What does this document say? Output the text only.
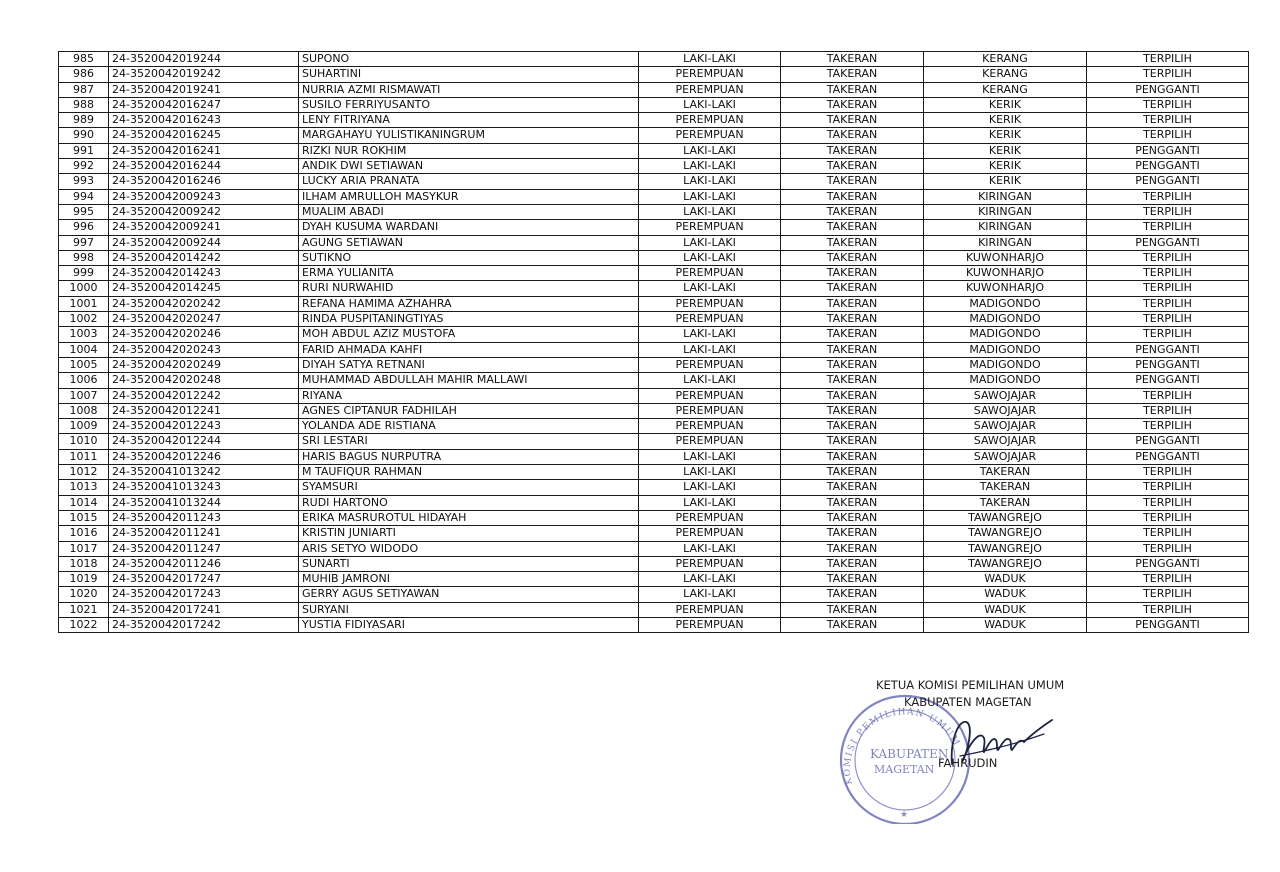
985	24-3520042019244	SUPONO	LAKI-LAKI	TAKERAN	KERANG	TERPILIH
986	24-3520042019242	SUHARTINI	PEREMPUAN	TAKERAN	KERANG	TERPILIH
987	24-3520042019241	NURRIA AZMI RISMAWATI	PEREMPUAN	TAKERAN	KERANG	PENGGANTI
988	24-3520042016247	SUSILO FERRIYUSANTO	LAKI-LAKI	TAKERAN	KERIK	TERPILIH
989	24-3520042016243	LENY FITRIYANA	PEREMPUAN	TAKERAN	KERIK	TERPILIH
990	24-3520042016245	MARGAHAYU YULISTIKANINGRUM	PEREMPUAN	TAKERAN	KERIK	TERPILIH
991	24-3520042016241	RIZKI NUR ROKHIM	LAKI-LAKI	TAKERAN	KERIK	PENGGANTI
992	24-3520042016244	ANDIK DWI SETIAWAN	LAKI-LAKI	TAKERAN	KERIK	PENGGANTI
993	24-3520042016246	LUCKY ARIA PRANATA	LAKI-LAKI	TAKERAN	KERIK	PENGGANTI
994	24-3520042009243	ILHAM AMRULLOH MASYKUR	LAKI-LAKI	TAKERAN	KIRINGAN	TERPILIH
995	24-3520042009242	MUALIM ABADI	LAKI-LAKI	TAKERAN	KIRINGAN	TERPILIH
996	24-3520042009241	DYAH KUSUMA WARDANI	PEREMPUAN	TAKERAN	KIRINGAN	TERPILIH
997	24-3520042009244	AGUNG SETIAWAN	LAKI-LAKI	TAKERAN	KIRINGAN	PENGGANTI
998	24-3520042014242	SUTIKNO	LAKI-LAKI	TAKERAN	KUWONHARJO	TERPILIH
999	24-3520042014243	ERMA YULIANITA	PEREMPUAN	TAKERAN	KUWONHARJO	TERPILIH
1000	24-3520042014245	RURI NURWAHID	LAKI-LAKI	TAKERAN	KUWONHARJO	TERPILIH
1001	24-3520042020242	REFANA HAMIMA AZHAHRA	PEREMPUAN	TAKERAN	MADIGONDO	TERPILIH
1002	24-3520042020247	RINDA PUSPITANINGTIYAS	PEREMPUAN	TAKERAN	MADIGONDO	TERPILIH
1003	24-3520042020246	MOH ABDUL AZIZ MUSTOFA	LAKI-LAKI	TAKERAN	MADIGONDO	TERPILIH
1004	24-3520042020243	FARID AHMADA KAHFI	LAKI-LAKI	TAKERAN	MADIGONDO	PENGGANTI
1005	24-3520042020249	DIYAH SATYA RETNANI	PEREMPUAN	TAKERAN	MADIGONDO	PENGGANTI
1006	24-3520042020248	MUHAMMAD ABDULLAH MAHIR MALLAWI	LAKI-LAKI	TAKERAN	MADIGONDO	PENGGANTI
1007	24-3520042012242	RIYANA	PEREMPUAN	TAKERAN	SAWOJAJAR	TERPILIH
1008	24-3520042012241	AGNES CIPTANUR FADHILAH	PEREMPUAN	TAKERAN	SAWOJAJAR	TERPILIH
1009	24-3520042012243	YOLANDA ADE RISTIANA	PEREMPUAN	TAKERAN	SAWOJAJAR	TERPILIH
1010	24-3520042012244	SRI LESTARI	PEREMPUAN	TAKERAN	SAWOJAJAR	PENGGANTI
1011	24-3520042012246	HARIS BAGUS NURPUTRA	LAKI-LAKI	TAKERAN	SAWOJAJAR	PENGGANTI
1012	24-3520041013242	M TAUFIQUR RAHMAN	LAKI-LAKI	TAKERAN	TAKERAN	TERPILIH
1013	24-3520041013243	SYAMSURI	LAKI-LAKI	TAKERAN	TAKERAN	TERPILIH
1014	24-3520041013244	RUDI HARTONO	LAKI-LAKI	TAKERAN	TAKERAN	TERPILIH
1015	24-3520042011243	ERIKA MASRUROTUL HIDAYAH	PEREMPUAN	TAKERAN	TAWANGREJO	TERPILIH
1016	24-3520042011241	KRISTIN JUNIARTI	PEREMPUAN	TAKERAN	TAWANGREJO	TERPILIH
1017	24-3520042011247	ARIS SETYO WIDODO	LAKI-LAKI	TAKERAN	TAWANGREJO	TERPILIH
1018	24-3520042011246	SUNARTI	PEREMPUAN	TAKERAN	TAWANGREJO	PENGGANTI
1019	24-3520042017247	MUHIB JAMRONI	LAKI-LAKI	TAKERAN	WADUK	TERPILIH
1020	24-3520042017243	GERRY AGUS SETIYAWAN	LAKI-LAKI	TAKERAN	WADUK	TERPILIH
1021	24-3520042017241	SURYANI	PEREMPUAN	TAKERAN	WADUK	TERPILIH
1022	24-3520042017242	YUSTIA FIDIYASARI	PEREMPUAN	TAKERAN	WADUK	PENGGANTI
KOMISI PEMILIHAN UMUM
KABUPATEN
MAGETAN
★
KETUA KOMISI PEMILIHAN UMUM
KABUPATEN MAGETAN
FAHRUDIN
